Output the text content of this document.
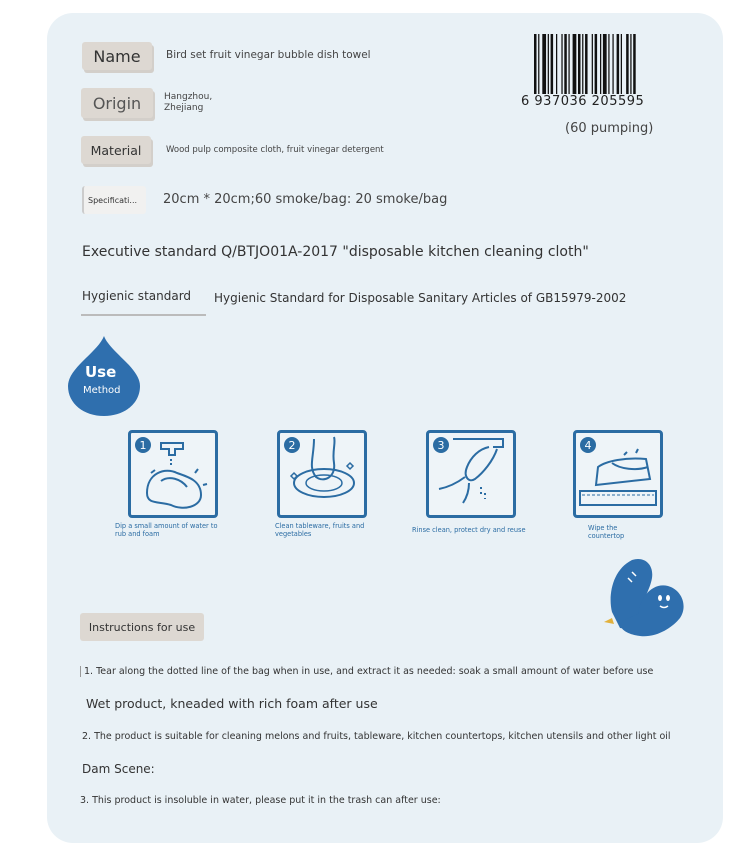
Name	Bird set fruit vinegar bubble dish towel
Origin	Hangzhou,
Zhejiang
Material	Wood pulp composite cloth, fruit vinegar detergent
Specificati...	20cm * 20cm;60 smoke/bag: 20 smoke/bag
6 937036 205595
(60 pumping)
Executive standard Q/BTJO01A-2017 "disposable kitchen cleaning cloth"
Hygienic standard	Hygienic Standard for Disposable Sanitary Articles of GB15979-2002
Use
Method
1
Dip a small amount of water to rub and foam
2
Clean tableware, fruits and vegetables
3
Rinse clean, protect dry and reuse
4
Wipe the countertop
Instructions for use
1. Tear along the dotted line of the bag when in use, and extract it as needed: soak a small amount of water before use
Wet product, kneaded with rich foam after use
2. The product is suitable for cleaning melons and fruits, tableware, kitchen countertops, kitchen utensils and other light oil
Dam Scene:
3. This product is insoluble in water, please put it in the trash can after use:
